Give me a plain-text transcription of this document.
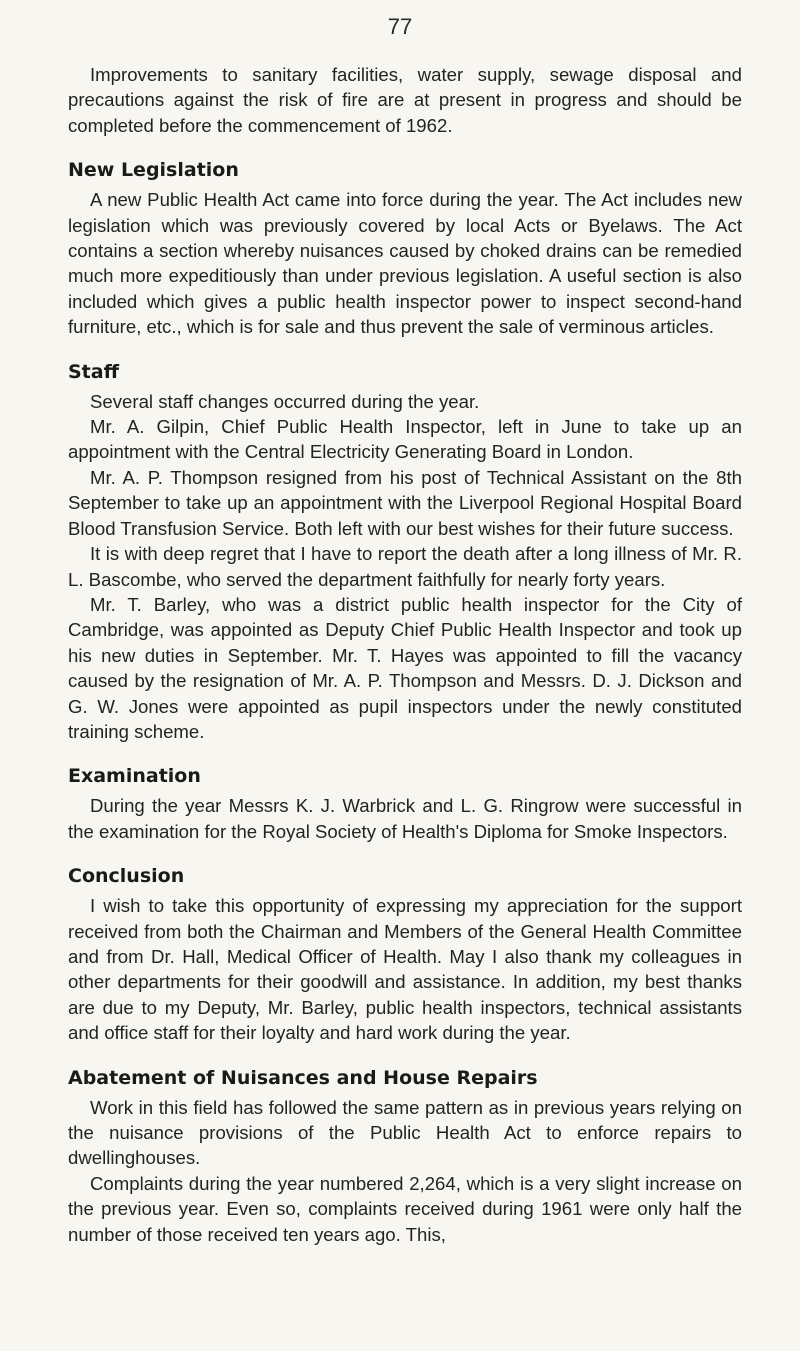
77

Improvements to sanitary facilities, water supply, sewage disposal and precautions against the risk of fire are at present in progress and should be completed before the commencement of 1962.

New Legislation

A new Public Health Act came into force during the year. The Act includes new legislation which was previously covered by local Acts or Byelaws. The Act contains a section whereby nuisances caused by choked drains can be remedied much more expeditiously than under previous legislation. A useful section is also included which gives a public health inspector power to inspect second-hand furniture, etc., which is for sale and thus prevent the sale of verminous articles.

Staff

Several staff changes occurred during the year.

Mr. A. Gilpin, Chief Public Health Inspector, left in June to take up an appointment with the Central Electricity Generating Board in London.

Mr. A. P. Thompson resigned from his post of Technical Assistant on the 8th September to take up an appointment with the Liverpool Regional Hospital Board Blood Transfusion Service. Both left with our best wishes for their future success.

It is with deep regret that I have to report the death after a long illness of Mr. R. L. Bascombe, who served the department faithfully for nearly forty years.

Mr. T. Barley, who was a district public health inspector for the City of Cambridge, was appointed as Deputy Chief Public Health Inspector and took up his new duties in September. Mr. T. Hayes was appointed to fill the vacancy caused by the resignation of Mr. A. P. Thompson and Messrs. D. J. Dickson and G. W. Jones were appointed as pupil inspectors under the newly constituted training scheme.

Examination

During the year Messrs K. J. Warbrick and L. G. Ringrow were successful in the examination for the Royal Society of Health's Diploma for Smoke Inspectors.

Conclusion

I wish to take this opportunity of expressing my appreciation for the support received from both the Chairman and Members of the General Health Committee and from Dr. Hall, Medical Officer of Health. May I also thank my colleagues in other departments for their goodwill and assistance. In addition, my best thanks are due to my Deputy, Mr. Barley, public health inspectors, technical assistants and office staff for their loyalty and hard work during the year.

Abatement of Nuisances and House Repairs

Work in this field has followed the same pattern as in previous years relying on the nuisance provisions of the Public Health Act to enforce repairs to dwellinghouses.

Complaints during the year numbered 2,264, which is a very slight increase on the previous year. Even so, complaints received during 1961 were only half the number of those received ten years ago. This,
